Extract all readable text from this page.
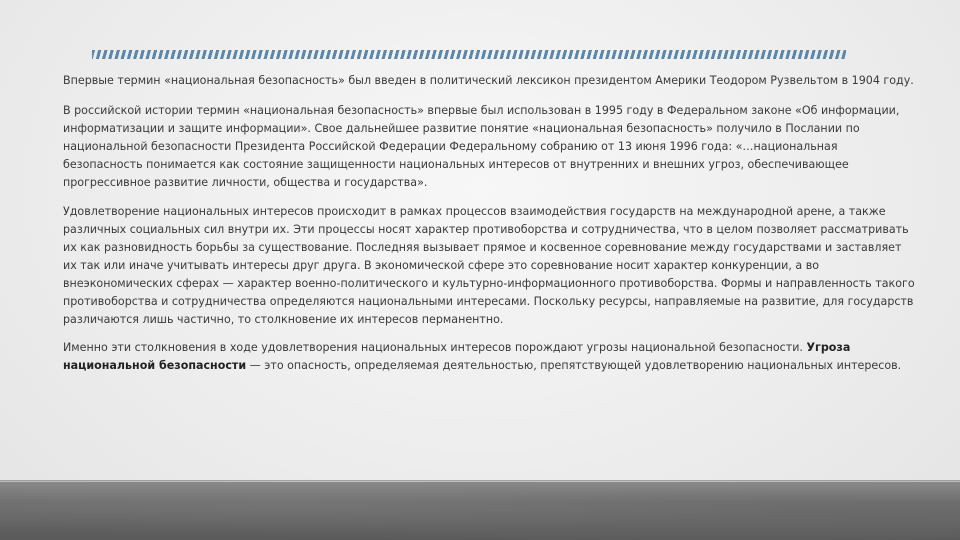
Впервые термин «национальная безопасность» был введен в политический лексикон президентом Америки Теодором Рузвельтом в 1904 году.

В российской истории термин «национальная безопасность» впервые был использован в 1995 году в Федеральном законе «Об информации, информатизации и защите информации». Свое дальнейшее развитие понятие «национальная безопасность» получило в Послании по национальной безопасности Президента Российской Федерации Федеральному собранию от 13 июня 1996 года: «…национальная безопасность понимается как состояние защищенности национальных интересов от внутренних и внешних угроз, обеспечивающее прогрессивное развитие личности, общества и государства».

Удовлетворение национальных интересов происходит в рамках процессов взаимодействия государств на международной арене, а также различных социальных сил внутри их. Эти процессы носят характер противоборства и сотрудничества, что в целом позволяет рассматривать их как разновидность борьбы за существование. Последняя вызывает прямое и косвенное соревнование между государствами и заставляет их так или иначе учитывать интересы друг друга. В экономической сфере это соревнование носит характер конкуренции, а во внеэкономических сферах — характер военно-политического и культурно-информационного противоборства. Формы и направленность такого противоборства и сотрудничества определяются национальными интересами. Поскольку ресурсы, направляемые на развитие, для государств различаются лишь частично, то столкновение их интересов перманентно.

Именно эти столкновения в ходе удовлетворения национальных интересов порождают угрозы национальной безопасности. Угроза национальной безопасности — это опасность, определяемая деятельностью, препятствующей удовлетворению национальных интересов.
